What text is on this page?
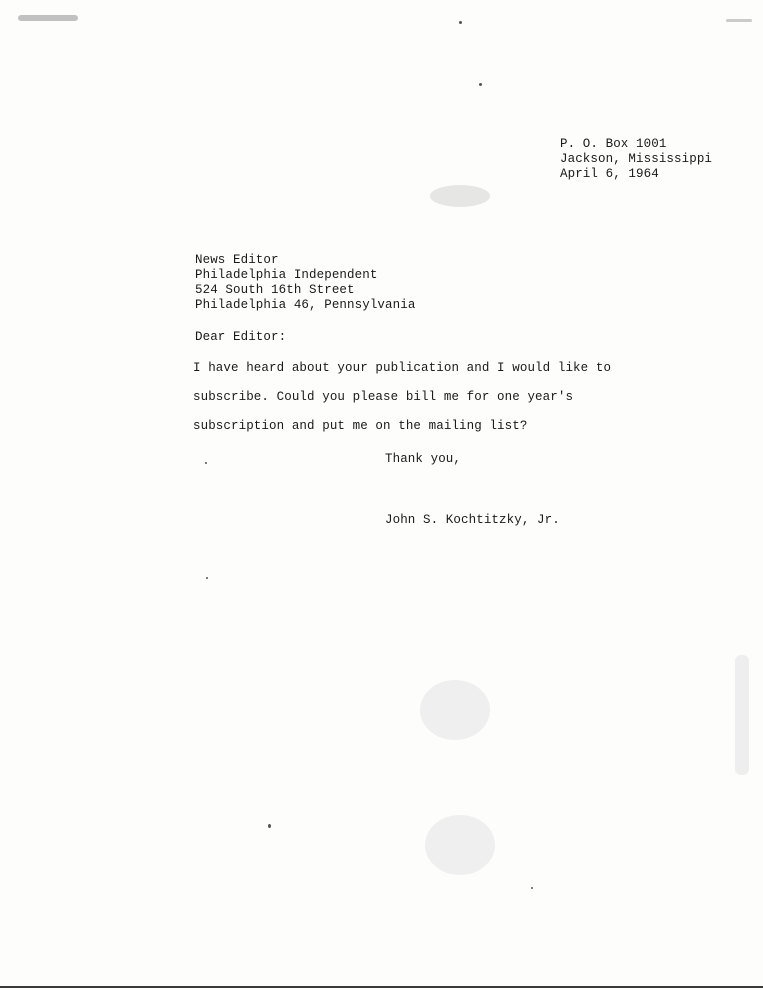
P. O. Box 1001
Jackson, Mississippi
April 6, 1964
News Editor
Philadelphia Independent
524 South 16th Street
Philadelphia 46, Pennsylvania
Dear Editor:
I have heard about your publication and I would like to
subscribe. Could you please bill me for one year's
subscription and put me on the mailing list?
Thank you,
John S. Kochtitzky, Jr.
